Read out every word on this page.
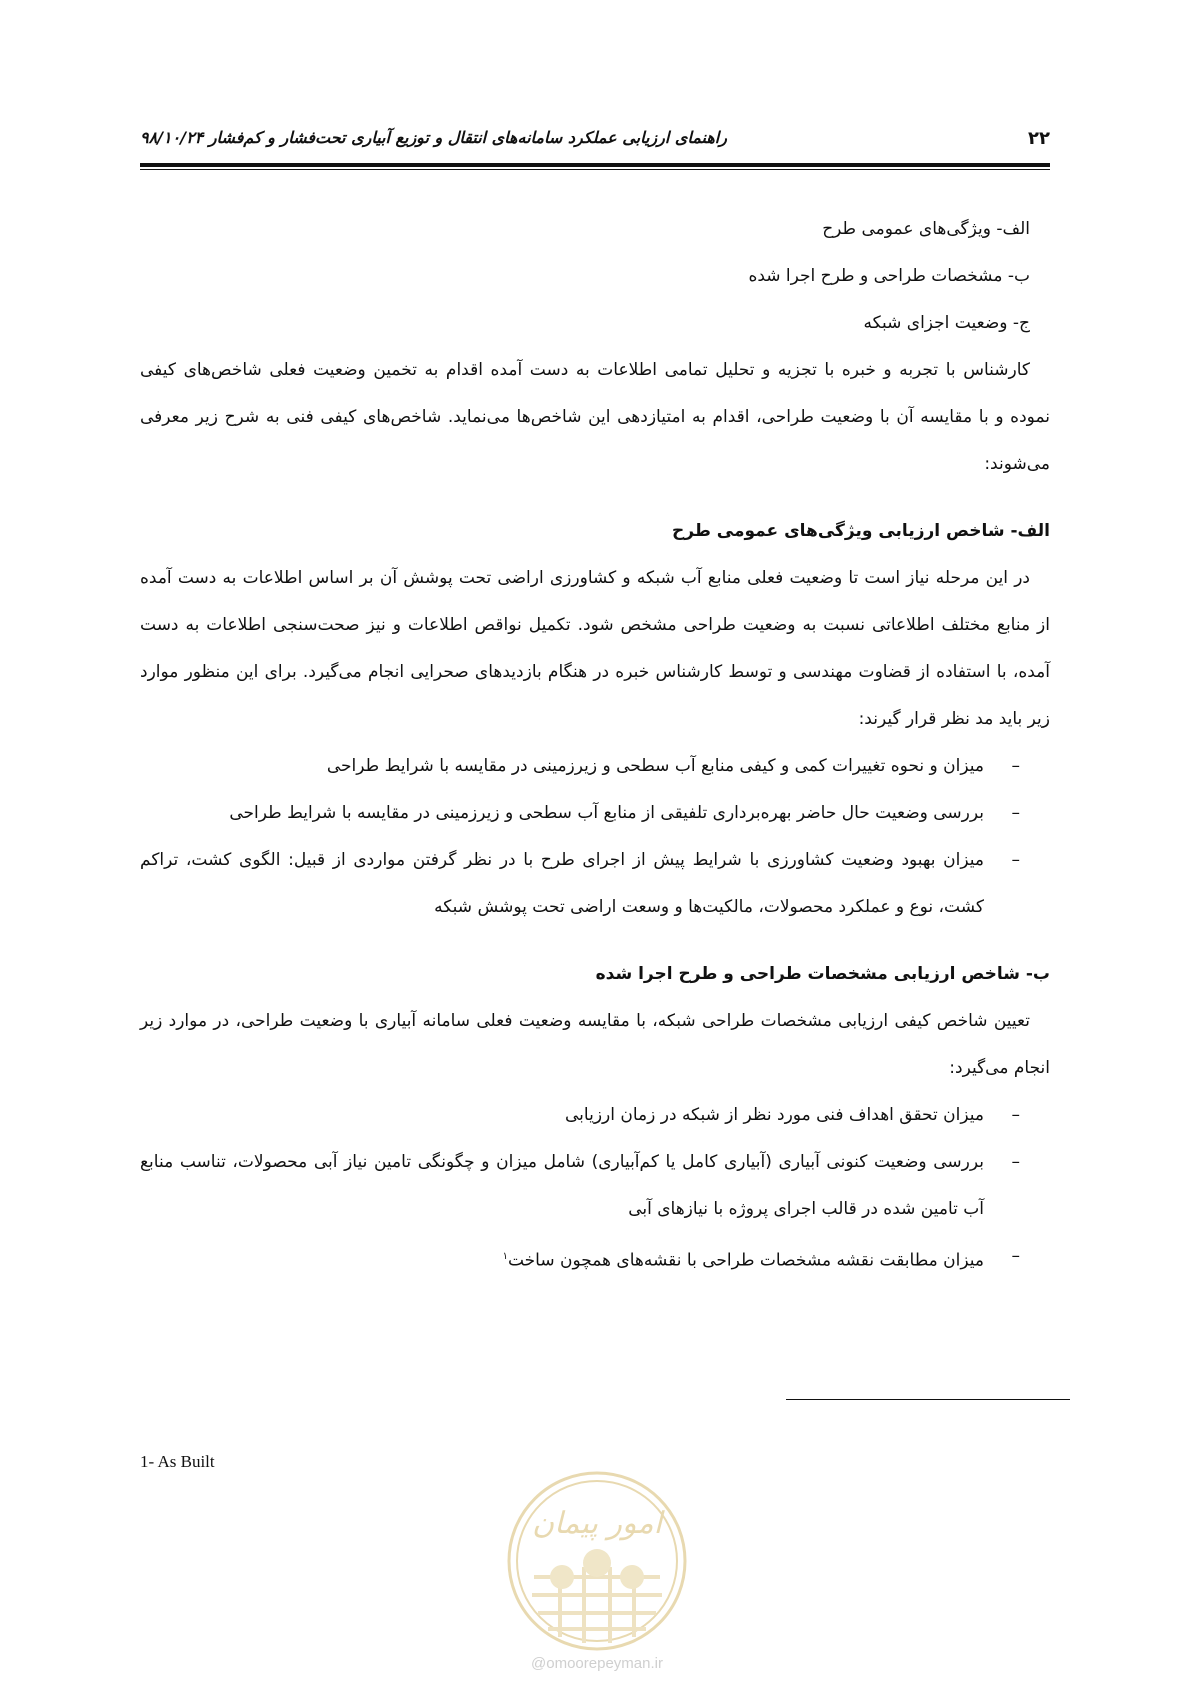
۲۲
راهنمای ارزیابی عملکرد سامانه‌های انتقال و توزیع آبیاری تحت‌فشار و کم‌فشار ۹۸/۱۰/۲۴
الف- ویژگی‌های عمومی طرح
ب- مشخصات طراحی و طرح اجرا شده
ج- وضعیت اجزای شبکه

کارشناس با تجربه و خبره با تجزیه و تحلیل تمامی اطلاعات به دست آمده اقدام به تخمین وضعیت فعلی شاخص‌های کیفی نموده و با مقایسه آن با وضعیت طراحی، اقدام به امتیازدهی این شاخص‌ها می‌نماید. شاخص‌های کیفی فنی به شرح زیر معرفی می‌شوند:

الف- شاخص ارزیابی ویژگی‌های عمومی طرح

در این مرحله نیاز است تا وضعیت فعلی منابع آب شبکه و کشاورزی اراضی تحت پوشش آن بر اساس اطلاعات به دست آمده از منابع مختلف اطلاعاتی نسبت به وضعیت طراحی مشخص شود. تکمیل نواقص اطلاعات و نیز صحت‌سنجی اطلاعات به دست آمده، با استفاده از قضاوت مهندسی و توسط کارشناس خبره در هنگام بازدیدهای صحرایی انجام می‌گیرد. برای این منظور موارد زیر باید مد نظر قرار گیرند:

–
میزان و نحوه تغییرات کمی و کیفی منابع آب سطحی و زیرزمینی در مقایسه با شرایط طراحی
–
بررسی وضعیت حال حاضر بهره‌برداری تلفیقی از منابع آب سطحی و زیرزمینی در مقایسه با شرایط طراحی
–
میزان بهبود وضعیت کشاورزی با شرایط پیش از اجرای طرح با در نظر گرفتن مواردی از قبیل: الگوی کشت، تراکم کشت، نوع و عملکرد محصولات، مالکیت‌ها و وسعت اراضی تحت پوشش شبکه
ب- شاخص ارزیابی مشخصات طراحی و طرح اجرا شده

تعیین شاخص کیفی ارزیابی مشخصات طراحی شبکه، با مقایسه وضعیت فعلی سامانه آبیاری با وضعیت طراحی، در موارد زیر انجام می‌گیرد:

–
میزان تحقق اهداف فنی مورد نظر از شبکه در زمان ارزیابی
–
بررسی وضعیت کنونی آبیاری (آبیاری کامل یا کم‌آبیاری) شامل میزان و چگونگی تامین نیاز آبی محصولات، تناسب منابع آب تامین شده در قالب اجرای پروژه با نیازهای آبی
–
میزان مطابقت نقشه مشخصات طراحی با نقشه‌های همچون ساخت$^۱$
1- As Built
امور پیمان
@omoorepeyman.ir
